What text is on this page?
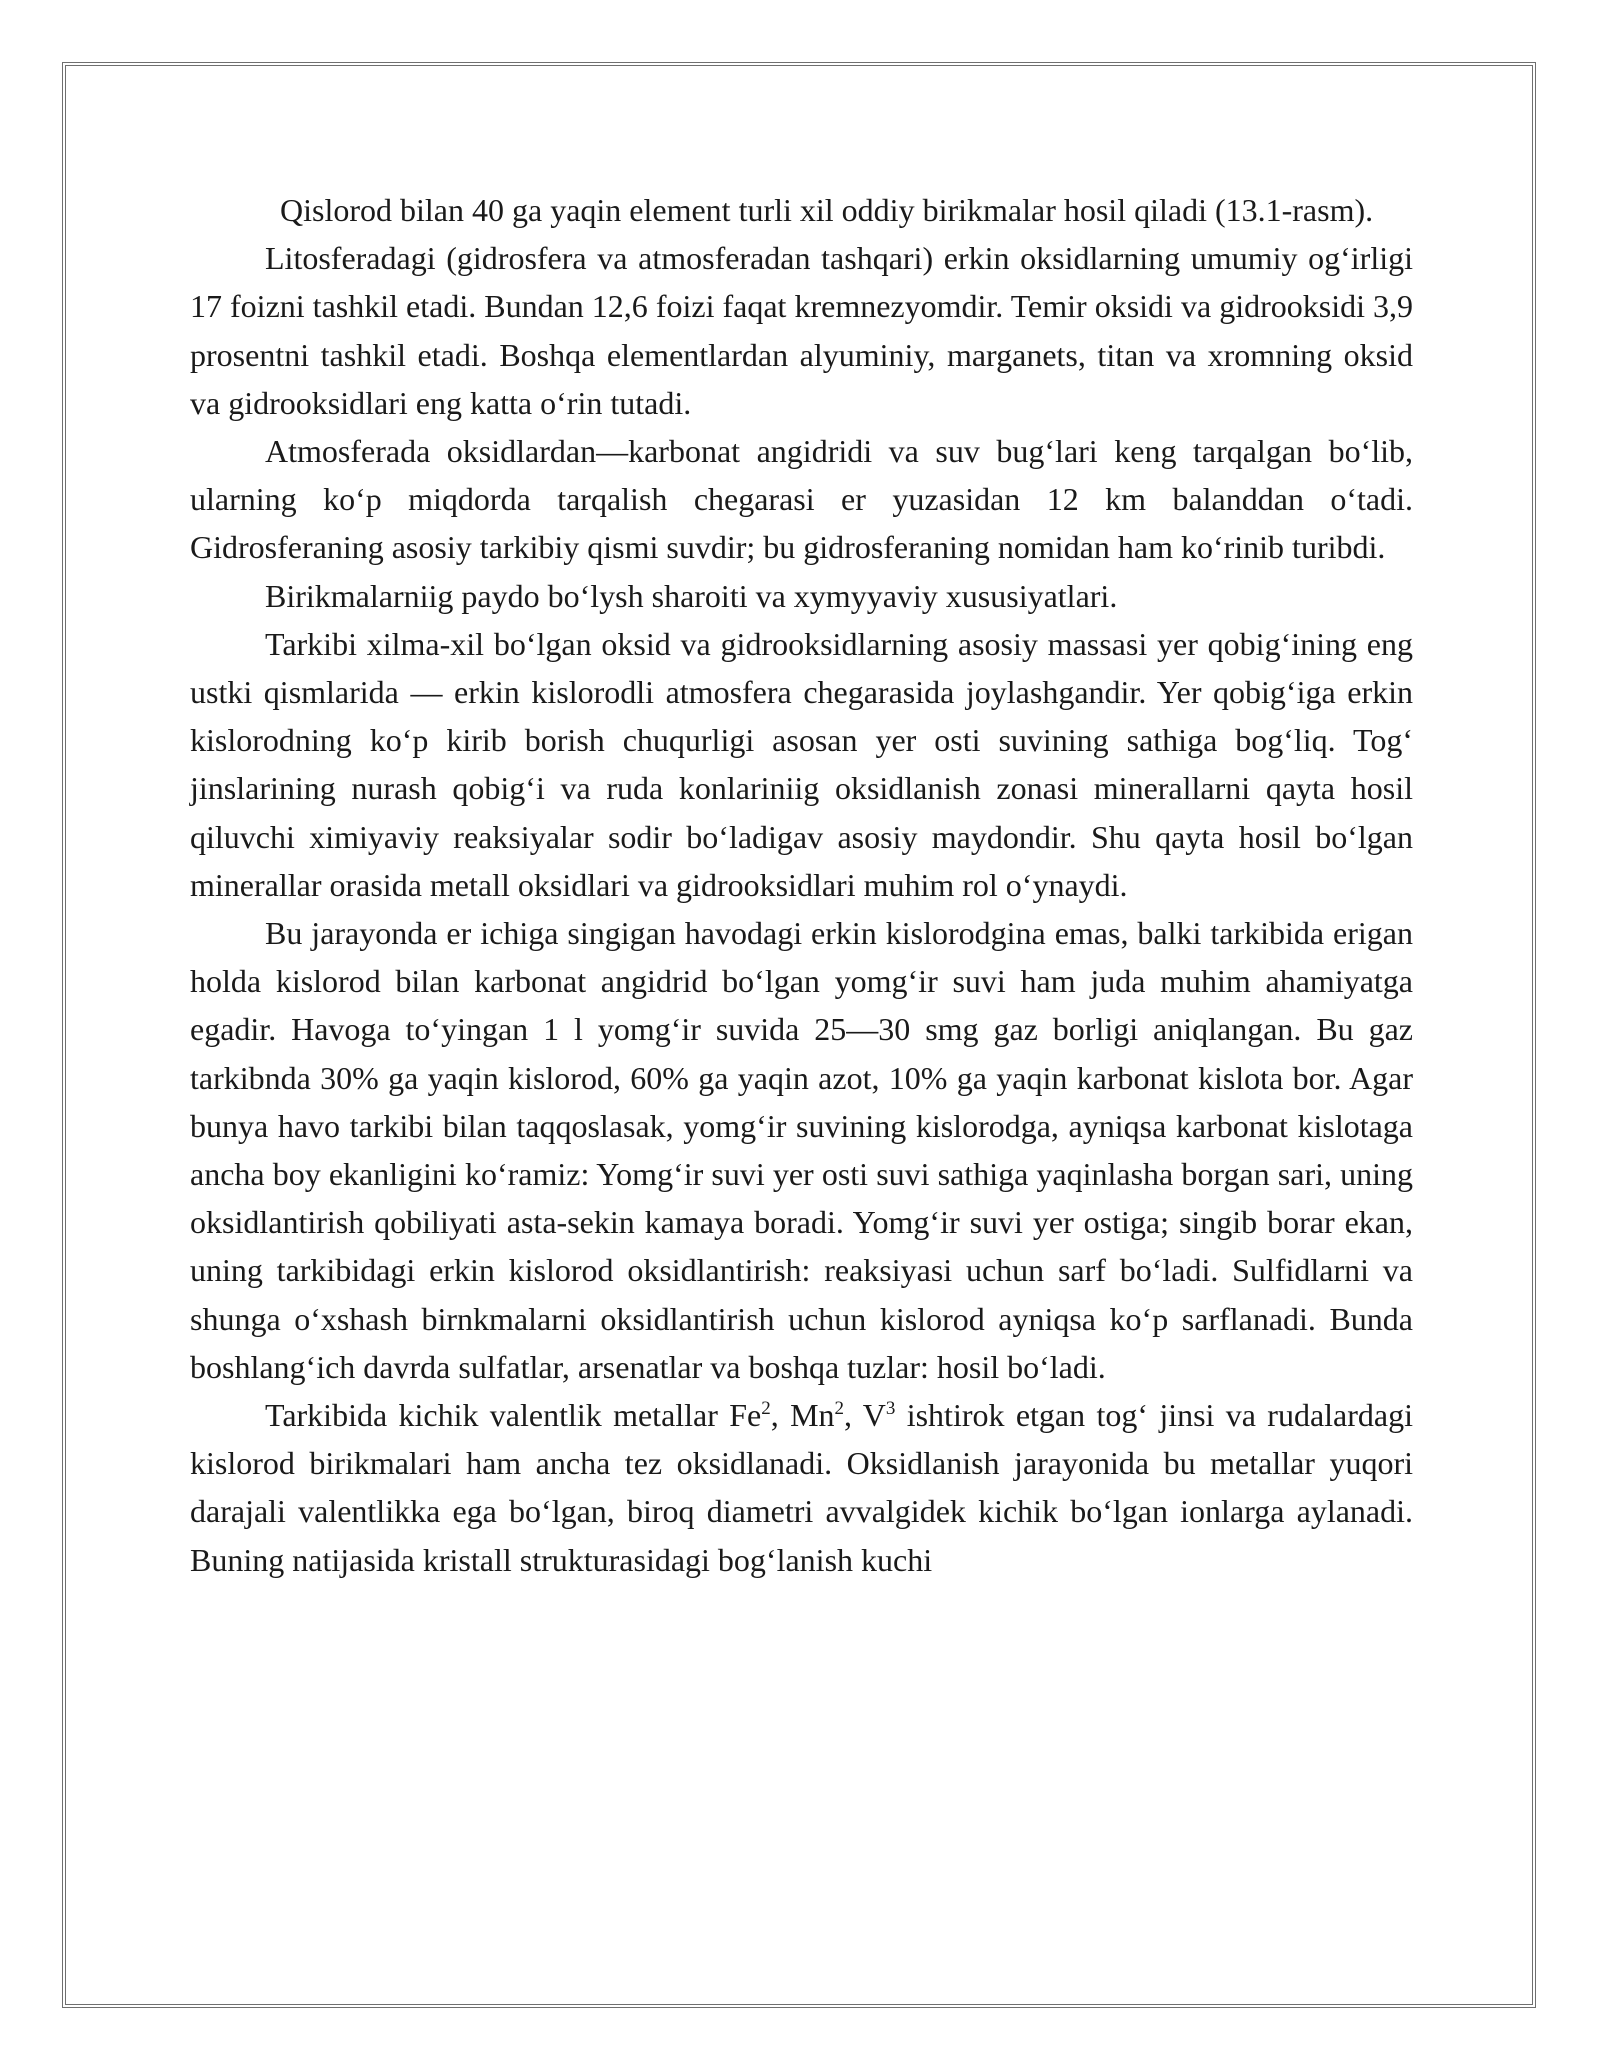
Qislorod bilan 40 ga yaqin element turli xil oddiy birikmalar hosil qiladi (13.1-rasm).

Litosferadagi (gidrosfera va atmosferadan tashqari) erkin oksidlarning umumiy og‘irligi 17 foizni tashkil etadi. Bundan 12,6 foizi faqat kremnezyomdir. Temir oksidi va gidrooksidi 3,9 prosentni tashkil etadi. Boshqa elementlardan alyuminiy, marganets, titan va xromning oksid va gidrooksidlari eng katta o‘rin tutadi.

Atmosferada oksidlardan—karbonat angidridi va suv bug‘lari keng tarqalgan bo‘lib, ularning ko‘p miqdorda tarqalish chegarasi er yuzasidan 12 km balanddan o‘tadi. Gidrosferaning asosiy tarkibiy qismi suvdir; bu gidrosferaning nomidan ham ko‘rinib turibdi.

Birikmalarniig paydo bo‘lysh sharoiti va xymyyaviy xususiyatlari.

Tarkibi xilma-xil bo‘lgan oksid va gidrooksidlarning asosiy massasi yer qobig‘ining eng ustki qismlarida — erkin kislorodli atmosfera chegarasida joylashgandir. Yer qobig‘iga erkin kislorodning ko‘p kirib borish chuqurligi asosan yer osti suvining sathiga bog‘liq. Tog‘ jinslarining nurash qobig‘i va ruda konlariniig oksidlanish zonasi minerallarni qayta hosil qiluvchi ximiyaviy reaksiyalar sodir bo‘ladigav asosiy maydondir. Shu qayta hosil bo‘lgan minerallar orasida metall oksidlari va gidrooksidlari muhim rol o‘ynaydi.

Bu jarayonda er ichiga singigan havodagi erkin kislorodgina emas, balki tarkibida erigan holda kislorod bilan karbonat angidrid bo‘lgan yomg‘ir suvi ham juda muhim ahamiyatga egadir. Havoga to‘yingan 1 l yomg‘ir suvida 25—30 smg gaz borligi aniqlangan. Bu gaz tarkibnda 30% ga yaqin kislorod, 60% ga yaqin azot, 10% ga yaqin karbonat kislota bor. Agar bunya havo tarkibi bilan taqqoslasak, yomg‘ir suvining kislorodga, ayniqsa karbonat kislotaga ancha boy ekanligini ko‘ramiz: Yomg‘ir suvi yer osti suvi sathiga yaqinlasha borgan sari, uning oksidlantirish qobiliyati asta-sekin kamaya boradi. Yomg‘ir suvi yer ostiga; singib borar ekan, uning tarkibidagi erkin kislorod oksidlantirish: reaksiyasi uchun sarf bo‘ladi. Sulfidlarni va shunga o‘xshash birnkmalarni oksidlantirish uchun kislorod ayniqsa ko‘p sarflanadi. Bunda boshlang‘ich davrda sulfatlar, arsenatlar va boshqa tuzlar: hosil bo‘ladi.

Tarkibida kichik valentlik metallar Fe$^2$, Mn$^2$, $V^3$ ishtirok etgan tog‘ jinsi va rudalardagi kislorod birikmalari ham ancha tez oksidlanadi. Oksidlanish jarayonida bu metallar yuqori darajali valentlikka ega bo‘lgan, biroq diametri avvalgidek kichik bo‘lgan ionlarga aylanadi. Buning natijasida kristall strukturasidagi bog‘lanish kuchi
